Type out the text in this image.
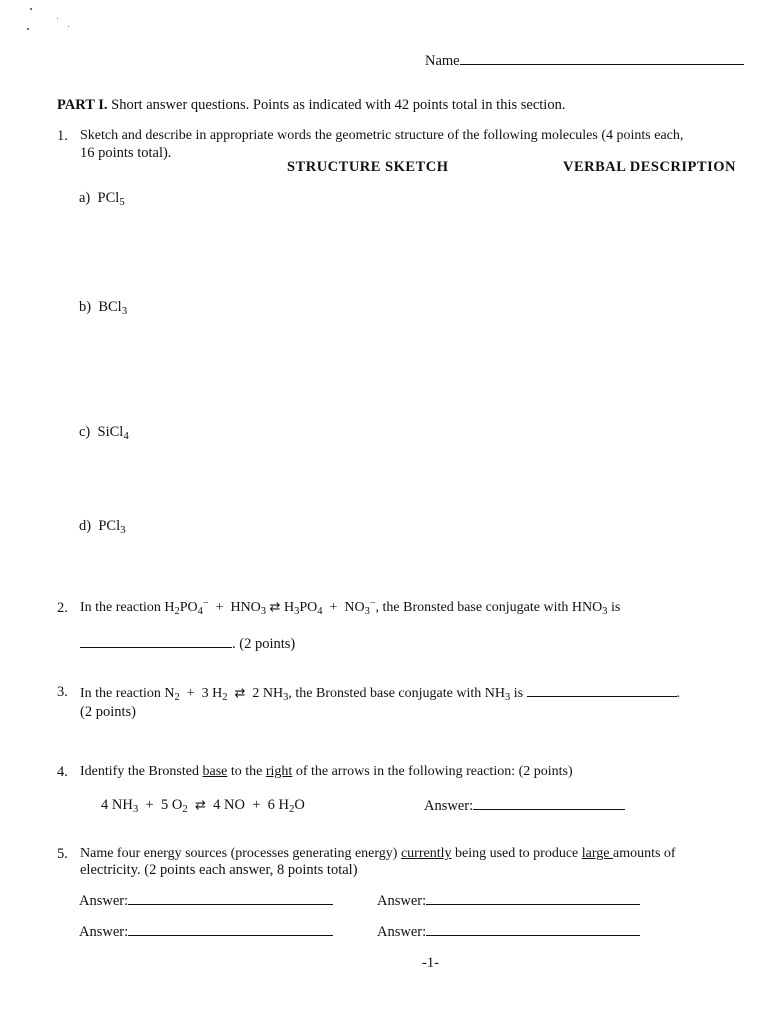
Name
PART I. Short answer questions. Points as indicated with 42 points total in this section.
1. Sketch and describe in appropriate words the geometric structure of the following molecules (4 points each,
16 points total).
STRUCTURE SKETCH	VERBAL DESCRIPTION
a) PCl$_5$
b) BCl$_3$
c) SiCl$_4$
d) PCl$_3$
2. In the reaction $H_2PO_4^- + HNO_3$ ⇄ $H_3PO_4 + NO_3^-$, the Bronsted base conjugate with $HNO_3$ is
. (2 points)
3. In the reaction $N_2 + 3$ $H_2$ ⇄  2 $NH_3$, the Bronsted base conjugate with $NH_3$ is	.
(2 points)
4. Identify the Bronsted base to the right of the arrows in the following reaction: (2 points)
4 $NH_3 + 5$ $O_2$ ⇄  4 NO  +  6 $H_2O$	Answer:
5. Name four energy sources (processes generating energy) currently being used to produce large amounts of
electricity. (2 points each answer, 8 points total)
Answer:	Answer:
Answer:	Answer:
-1-
